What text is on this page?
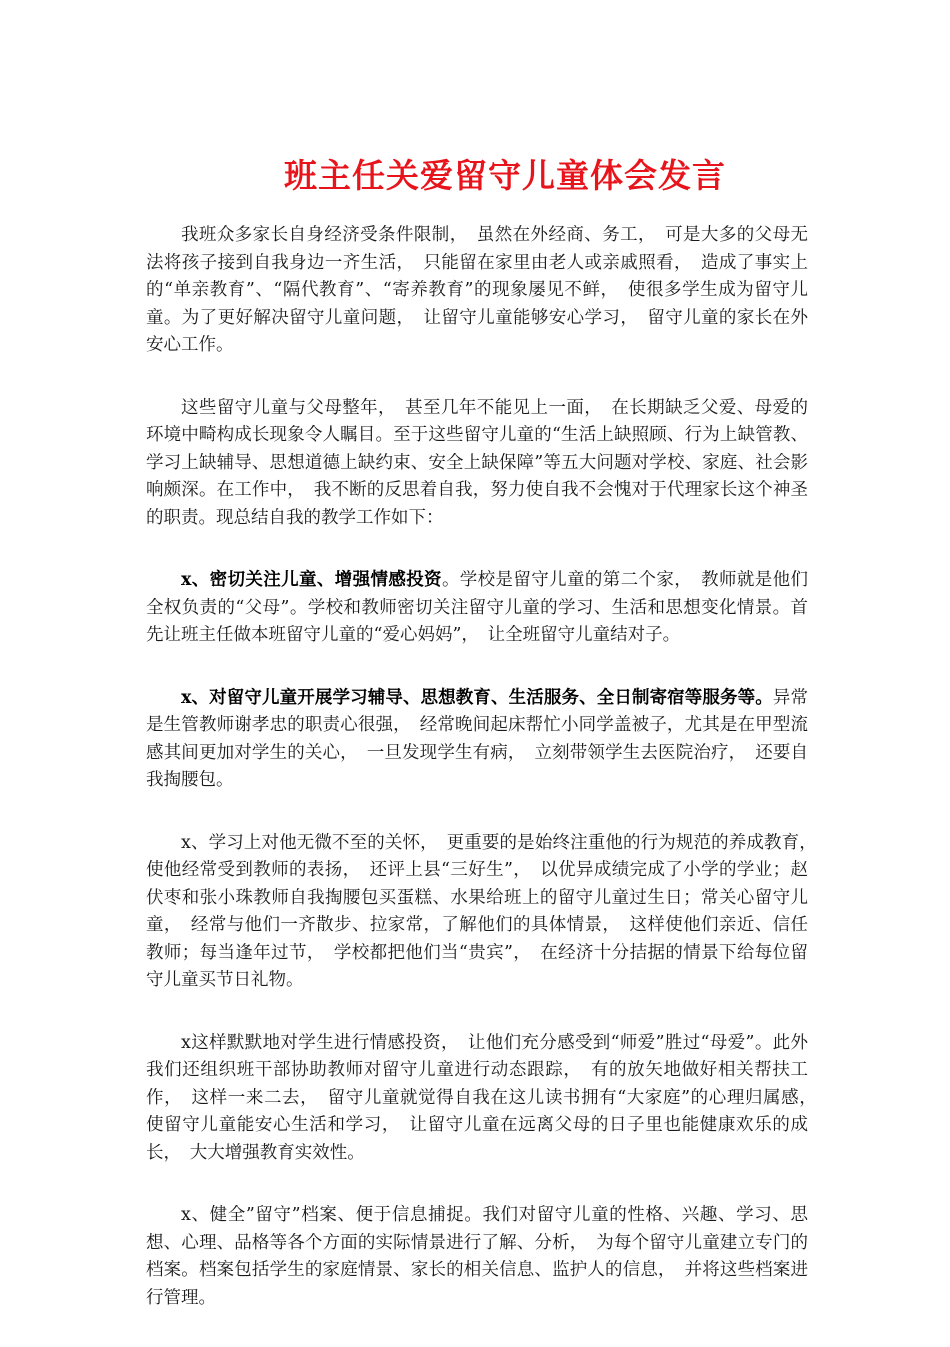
班主任关爱留守儿童体会发言

我班众多家长自身经济受条件限制，　虽然在外经商、务工，　可是大多的父母无法将孩子接到自我身边一齐生活，　只能留在家里由老人或亲戚照看，　造成了事实上的“单亲教育”、“隔代教育”、“寄养教育”的现象屡见不鲜，　使很多学生成为留守儿童。为了更好解决留守儿童问题，　让留守儿童能够安心学习，　留守儿童的家长在外安心工作。

这些留守儿童与父母整年，　甚至几年不能见上一面，　在长期缺乏父爱、母爱的环境中畸构成长现象令人瞩目。至于这些留守儿童的“生活上缺照顾、行为上缺管教、学习上缺辅导、思想道德上缺约束、安全上缺保障”等五大问题对学校、家庭、社会影响颇深。在工作中，　我不断的反思着自我，努力使自我不会愧对于代理家长这个神圣的职责。现总结自我的教学工作如下：

x、密切关注儿童、增强情感投资。学校是留守儿童的第二个家，　教师就是他们全权负责的“父母”。学校和教师密切关注留守儿童的学习、生活和思想变化情景。首先让班主任做本班留守儿童的“爱心妈妈”，　让全班留守儿童结对子。

x、对留守儿童开展学习辅导、思想教育、生活服务、全日制寄宿等服务等。异常是生管教师谢孝忠的职责心很强，　经常晚间起床帮忙小同学盖被子，尤其是在甲型流感其间更加对学生的关心，　一旦发现学生有病，　立刻带领学生去医院治疗，　还要自我掏腰包。

x、学习上对他无微不至的关怀，　更重要的是始终注重他的行为规范的养成教育，　使他经常受到教师的表扬，　还评上县“三好生”，　以优异成绩完成了小学的学业；赵伏枣和张小珠教师自我掏腰包买蛋糕、水果给班上的留守儿童过生日；常关心留守儿童，　经常与他们一齐散步、拉家常，了解他们的具体情景，　这样使他们亲近、信任教师；每当逢年过节，　学校都把他们当“贵宾”，　在经济十分拮据的情景下给每位留守儿童买节日礼物。

x这样默默地对学生进行情感投资，　让他们充分感受到“师爱”胜过“母爱”。此外我们还组织班干部协助教师对留守儿童进行动态跟踪，　有的放矢地做好相关帮扶工作，　这样一来二去，　留守儿童就觉得自我在这儿读书拥有“大家庭”的心理归属感，　使留守儿童能安心生活和学习，　让留守儿童在远离父母的日子里也能健康欢乐的成长，　大大增强教育实效性。

x、健全”留守”档案、便于信息捕捉。我们对留守儿童的性格、兴趣、学习、思想、心理、品格等各个方面的实际情景进行了解、分析，　为每个留守儿童建立专门的档案。档案包括学生的家庭情景、家长的相关信息、监护人的信息，　并将这些档案进行管理。
